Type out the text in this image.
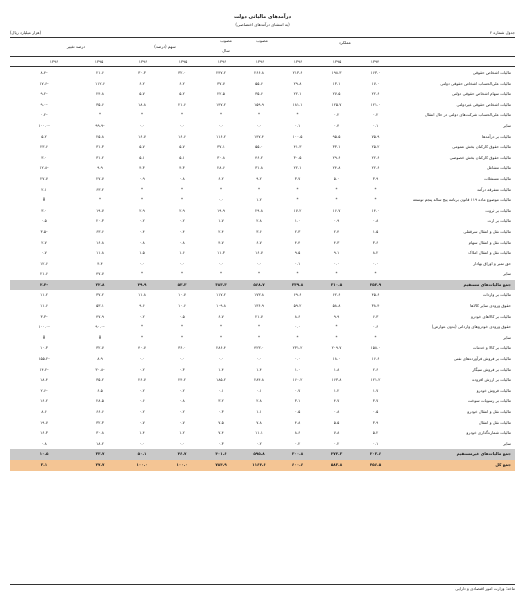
درآمدهای مالیاتی دولت
(به استثنای درآمدهای اختصاصی)
جدول شماره ۲
(هزار میلیارد ریال)
عملکرد
مصوب
مصوب
سال
سهم (درصد)
درصد تغییر
۱۳۹۴
۱۳۹۵
۱۳۹۶
۱۳۹۶
۱۳۹۶
۱۳۹۵
۱۳۹۶
۱۳۹۵
۱۳۹۶
مالیات اشخاص حقوقی	۱۶۳.۰	۱۹۸.۳	۲۱۳.۶	۲۶۶.۸	۲۴۷.۲	۳۲.۰	۳۰.۳	۲۱.۶	-۸.۴
مالیات علی‌الحساب اشخاص حقوقی دولتی	۱۷.۰	۱۳.۱	۲۹.۸	۵۵.۶	۳۷.۷	۶.۲	۶.۲	۱۱۲.۶	-۱۷.۶
مالیات سهام اشخاص حقوقی دولتی	۲۲.۶	۲۷.۵	۲۲.۱	۳۵.۶	۲۲.۵	۵.۲	۵.۷	۲۴.۸	-۹.۲
مالیات اشخاص حقوقی غیردولتی	۱۲۱.۰	۱۲۵.۷	۱۸۱.۱	۱۵۹.۹	۱۴۷.۲	۲۱.۶	۱۸.۸	۳۵.۶	-۹.۰
مالیات علی‌الحساب شرکت‌های دولتی در حال انتقال	۰.۲	۰.۲	*	*	*	*	*	*	-۰.۲
سایر	۰.۱	۰.۴	۰.۱	۰.۰	۰.۰	۰.۰	۰.۰	-۹۹.۹	-۱۰۰.۰
مالیات بر درآمدها	۷۵.۹	۹۵.۵	۱۰۰.۵	۱۴۷.۴	۱۱۶.۲	۱۶.۶	۱۶.۷	۲۵.۸	۵.۲
مالیات حقوق کارکنان بخش عمومی	۲۵.۲	۳۳.۱	۴۱.۳	۵۵.۰	۳۷.۱	۵.۷	۵.۷	۳۱.۳	۲۳.۶
مالیات حقوق کارکنان بخش خصوصی	۲۲.۶	۲۹.۶	۳۰.۵	۴۶.۲	۳۰.۸	۵.۱	۵.۱	۳۱.۲	۳.۰
مالیات مشاغل	۲۲.۶	۲۴.۸	۲۲.۱	۳۱.۸	۲۸.۶	۴.۳	۴.۳	۹.۹	-۱۲.۸
مالیات مستغلات	۳.۹	۵.۰	۳.۷	۹.۲	۶.۲	۰.۸	۰.۹	۲۷.۷	۲۷.۷
مالیات متفرقه درآمد	*	*	*	*	*	*	*	۶۳.۲	۲.۱
مالیات موضوع ماده ۱۱۹ قانون برنامه پنج ساله پنجم توسعه	*	*	*	۱.۲	۰.۰	*	*	*	θ
مالیات بر ثروت	۱۴.۰	۱۶.۷	۱۷.۲	۲۹.۸	۱۹.۹	۲.۹	۲.۹	۱۹.۷	۳.۰
مالیات بر ارث	۰.۸	۰.۹	۱.۰	۲.۸	۱.۷	۰.۲	۰.۲	۲۰.۳	۰.۵
مالیات نقل و انتقال سرقفلی	۱.۵	۲.۴	۲.۳	۳.۶	۲.۴	۰.۴	۰.۴	۶۳.۶	-۳.۵
مالیات نقل و انتقال سهام	۳.۶	۴.۳	۴.۴	۶.۷	۴.۷	۰.۸	۰.۸	۱۶.۸	۲.۷
مالیات نقل و انتقال املاک	۸.۲	۹.۱	۹.۵	۱۶.۷	۱۱.۳	۱.۶	۱.۵	۱۱.۸	۰.۷
حق تمبر و اوراق بهادار	۰.۰	۰.۰	۰.۱	۰.۰	۰.۰	۰.۰	۰.۰	۴.۴	۱۲.۶
سایر	*	*	*	*	*	*	*	۴۷.۷	۲۱.۶
جمع مالیات‌های مستقیم	۲۵۲.۹	۳۱۰.۵	۳۳۹.۸	۵۶۸.۷	۳۸۳.۳	۵۳.۳	۴۹.۹	۲۲.۸	-۲.۴
مالیات بر واردات	۴۵.۶	۶۲.۶	۶۹.۶	۱۷۳.۸	۱۱۷.۲	۱۰.۷	۱۱.۸	۳۷.۲	۱۱.۲
حقوق ورودی سایر کالاها	۳۸.۴	۵۸.۸	۵۹.۲	۱۳۶.۹	۱۰۹.۸	۱۰.۶	۹.۶	۵۳.۱	۱۱.۶
مالیات بر کالاهای خودرو	۶.۳	۹.۹	۸.۶	۲۱.۷	۶.۷	۰.۵	۰.۲	۴۷.۹	-۳.۳
حقوق ورودی خودروهای وارداتی (بدون عوارض)	۰.۶	*	۰.۰	*	*	*	*	-۹۰.۰	-۱۰۰.۰
سایر	*	*	*	*	*	*	*	θ	θ
مالیات بر کالا و خدمات	۱۵۸.۰	۲۰۹.۷	۲۳۱.۲	۴۲۳.۰	۲۸۶.۴	۳۶.۰	۴۰.۷	۳۲.۷	۱۰.۳
مالیات بر فروش فرآورده‌های نفتی	۱۶.۶	۱۸.۰	۰.۰	۰.۰	۰.۰	۰.۰	۰.۰	۸.۹	-۱۵۵.۲
مالیات بر فروش سیگار	۲.۶	۱.۸	۱.۰	۱.۴	۱.۴	۰.۳	۰.۲	-۳۰.۸	-۱۴.۲
مالیات بر ارزش افزوده	۱۲۱.۲	۱۶۳.۸	۱۶۰.۲	۲۸۴.۸	۱۸۵.۲	۲۴.۲	۲۶.۷	۳۵.۲	۱۸.۴
مالیات فروش خودرو	۱.۷	۱.۲	۰.۷	۰.۱	۰.۱	۰.۲	۰.۲	۶.۵	-۲.۶
مالیات بر رسوبات سوخت	۳.۷	۴.۷	۳.۱	۲.۸	۳.۲	۰.۸	۰.۶	۲۸.۵	۱۶.۲
مالیات نقل و انتقال خودرو	۰.۵	۰.۸	۰.۵	۱.۱	۰.۳	۰.۲	۰.۲	۶۶.۶	۸.۶
مالیات نقل و انتقال	۳.۹	۵.۵	۴.۸	۷.۸	۷.۵	۰.۷	۰.۷	۳۲.۳	۱۹.۷
مالیات شماره‌گذاری خودرو	۵.۲	۷.۸	۸.۶	۱۱.۱	۷.۴	۱.۲	۱.۴	۳۰.۸	۱۶.۳
سایر	۰.۱	۰.۲	۰.۲	۰.۲	۰.۳	۰.۰	۰.۰	۱۸.۲	۰.۸
جمع مالیات‌های غیرمستقیم	۲۰۳.۶	۲۷۲.۳	۳۰۰.۸	۵۹۵.۸	۴۰۱.۶	۴۶.۷	۵۰.۱	۳۳.۷	۱۰.۵
جمع کل	۴۵۶.۵	۵۸۳.۸	۶۰۰.۶	۱۱۶۴.۶	۷۸۴.۹	۱۰۰.۰	۱۰۰.۰	۲۷.۷	۳.۱
ماخذ: وزارت امور اقتصادی و دارایی
